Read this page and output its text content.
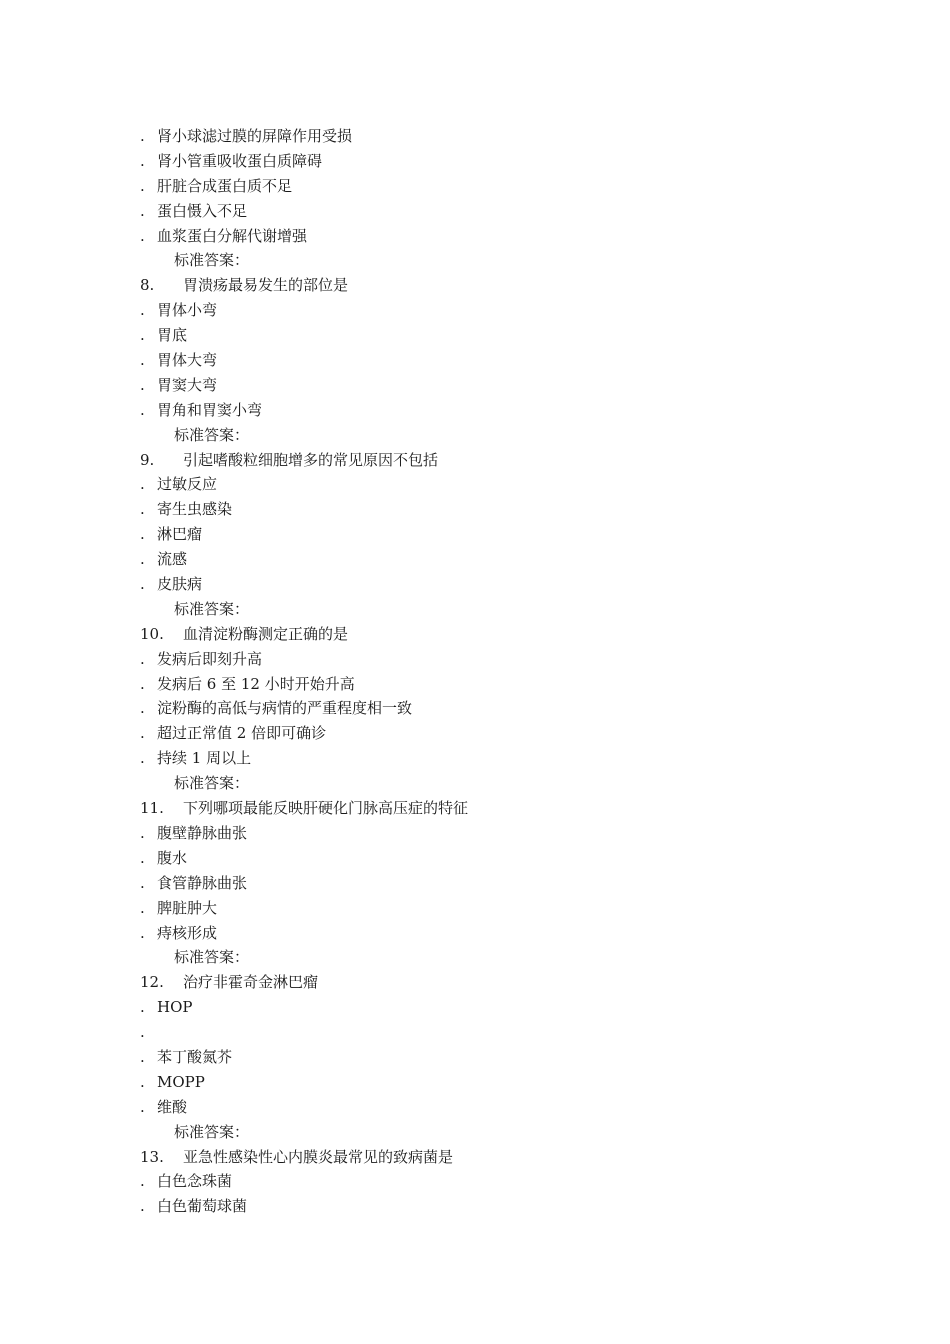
. 肾小球滤过膜的屏障作用受损
. 肾小管重吸收蛋白质障碍
. 肝脏合成蛋白质不足
. 蛋白慑入不足
. 血浆蛋白分解代谢增强
标准答案：
8. 胃溃疡最易发生的部位是
. 胃体小弯
. 胃底
. 胃体大弯
. 胃窦大弯
. 胃角和胃窦小弯
标准答案：
9. 引起嗜酸粒细胞增多的常见原因不包括
. 过敏反应
. 寄生虫感染
. 淋巴瘤
. 流感
. 皮肤病
标准答案：
10. 血清淀粉酶测定正确的是
. 发病后即刻升高
. 发病后 6 至 12 小时开始升高
. 淀粉酶的高低与病情的严重程度相一致
. 超过正常值 2 倍即可确诊
. 持续 1 周以上
标准答案：
11. 下列哪项最能反映肝硬化门脉高压症的特征
. 腹壁静脉曲张
. 腹水
. 食管静脉曲张
. 脾脏肿大
. 痔核形成
标准答案：
12. 治疗非霍奇金淋巴瘤
. HOP
.
. 苯丁酸氮芥
. MOPP
. 维酸
标准答案：
13. 亚急性感染性心内膜炎最常见的致病菌是
. 白色念珠菌
. 白色葡萄球菌
